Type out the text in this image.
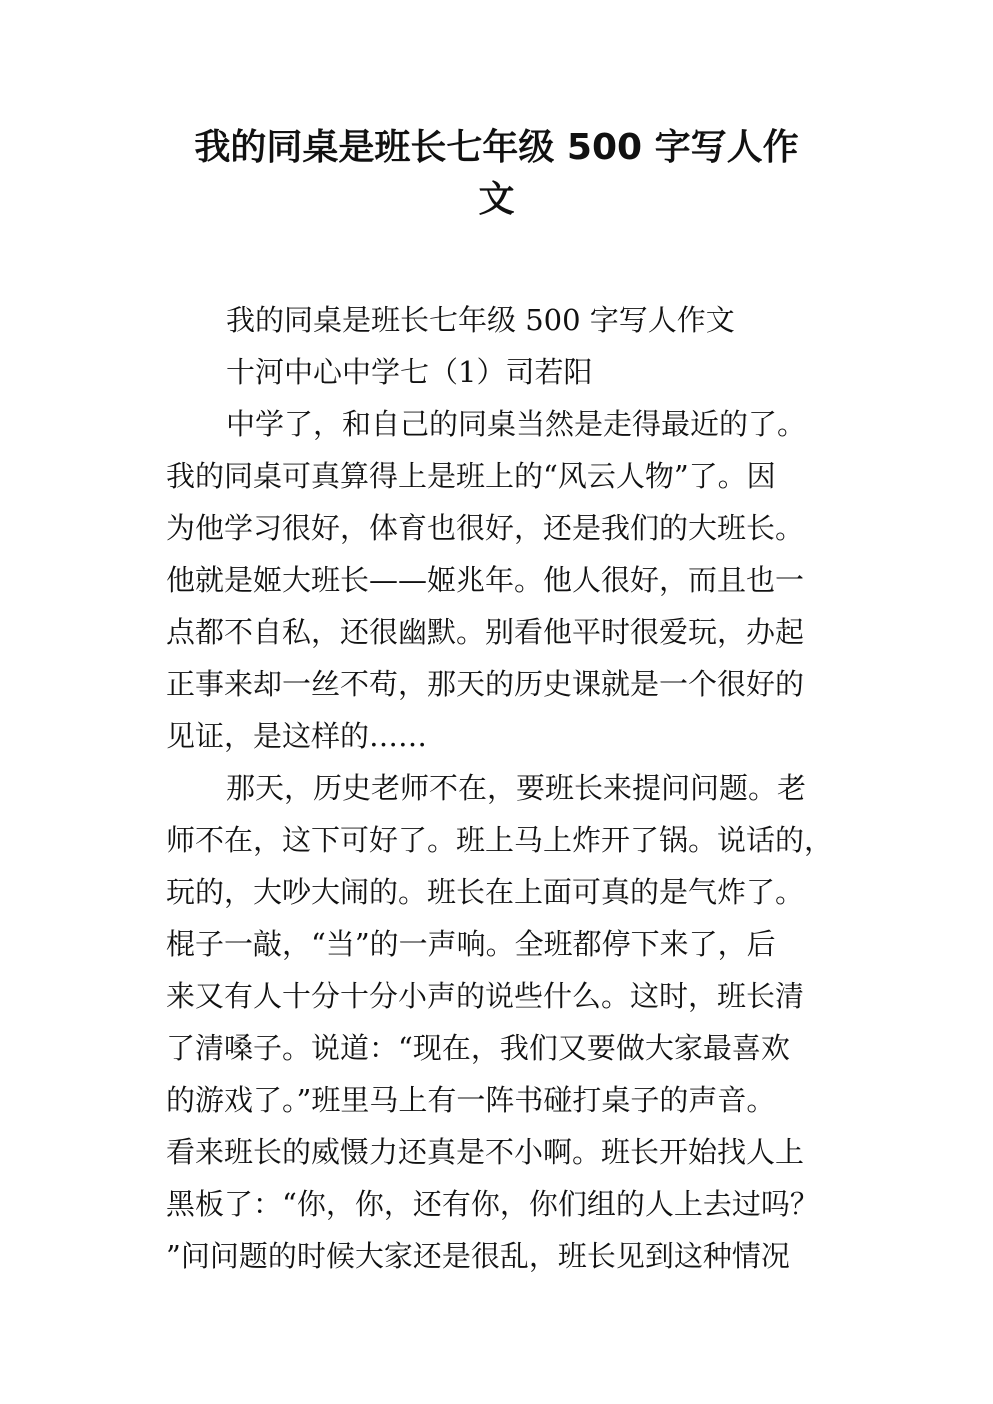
我的同桌是班长七年级 500 字写人作
文
我的同桌是班长七年级 500 字写人作文
十河中心中学七（1）司若阳
中学了，和自己的同桌当然是走得最近的了。
我的同桌可真算得上是班上的“风云人物”了。因
为他学习很好，体育也很好，还是我们的大班长。
他就是姬大班长——姬兆年。他人很好，而且也一
点都不自私，还很幽默。别看他平时很爱玩，办起
正事来却一丝不苟，那天的历史课就是一个很好的
见证，是这样的……
那天，历史老师不在，要班长来提问问题。老
师不在，这下可好了。班上马上炸开了锅。说话的，
玩的，大吵大闹的。班长在上面可真的是气炸了。
棍子一敲，“当”的一声响。全班都停下来了，后
来又有人十分十分小声的说些什么。这时，班长清
了清嗓子。说道：“现在，我们又要做大家最喜欢
的游戏了。”班里马上有一阵书碰打桌子的声音。
看来班长的威慑力还真是不小啊。班长开始找人上
黑板了：“你，你，还有你，你们组的人上去过吗？
”问问题的时候大家还是很乱，班长见到这种情况
